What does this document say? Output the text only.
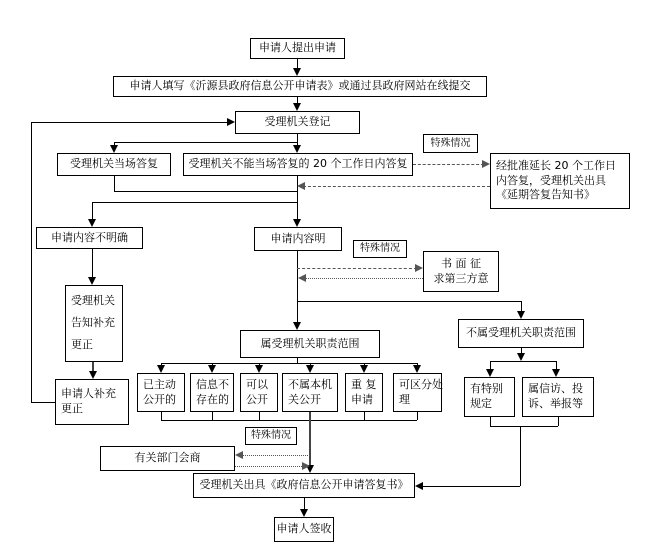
申请人提出申请
申请人填写《沂源县政府信息公开申请表》或通过县政府网站在线提交
受理机关登记
受理机关当场答复	受理机关不能当场答复的 20 个工作日内答复
特殊情况
经批准延长 20 个工作日
内答复，受理机关出具
《延期答复告知书》
申请内容不明确	申请内容明
特殊情况
书 面 征
求第三方意
受理机关
告知补充
更正	属受理机关职责范围
不属受理机关职责范围
申请人补充
更正
已主动
公开的
信息不
存在的
可以
公开
不属本机
关公开
重 复
申请
可区分处
理
有特别
规定
属信访、投
诉、举报等
特殊情况
有关部门会商
受理机关出具《政府信息公开申请答复书》
申请人签收
